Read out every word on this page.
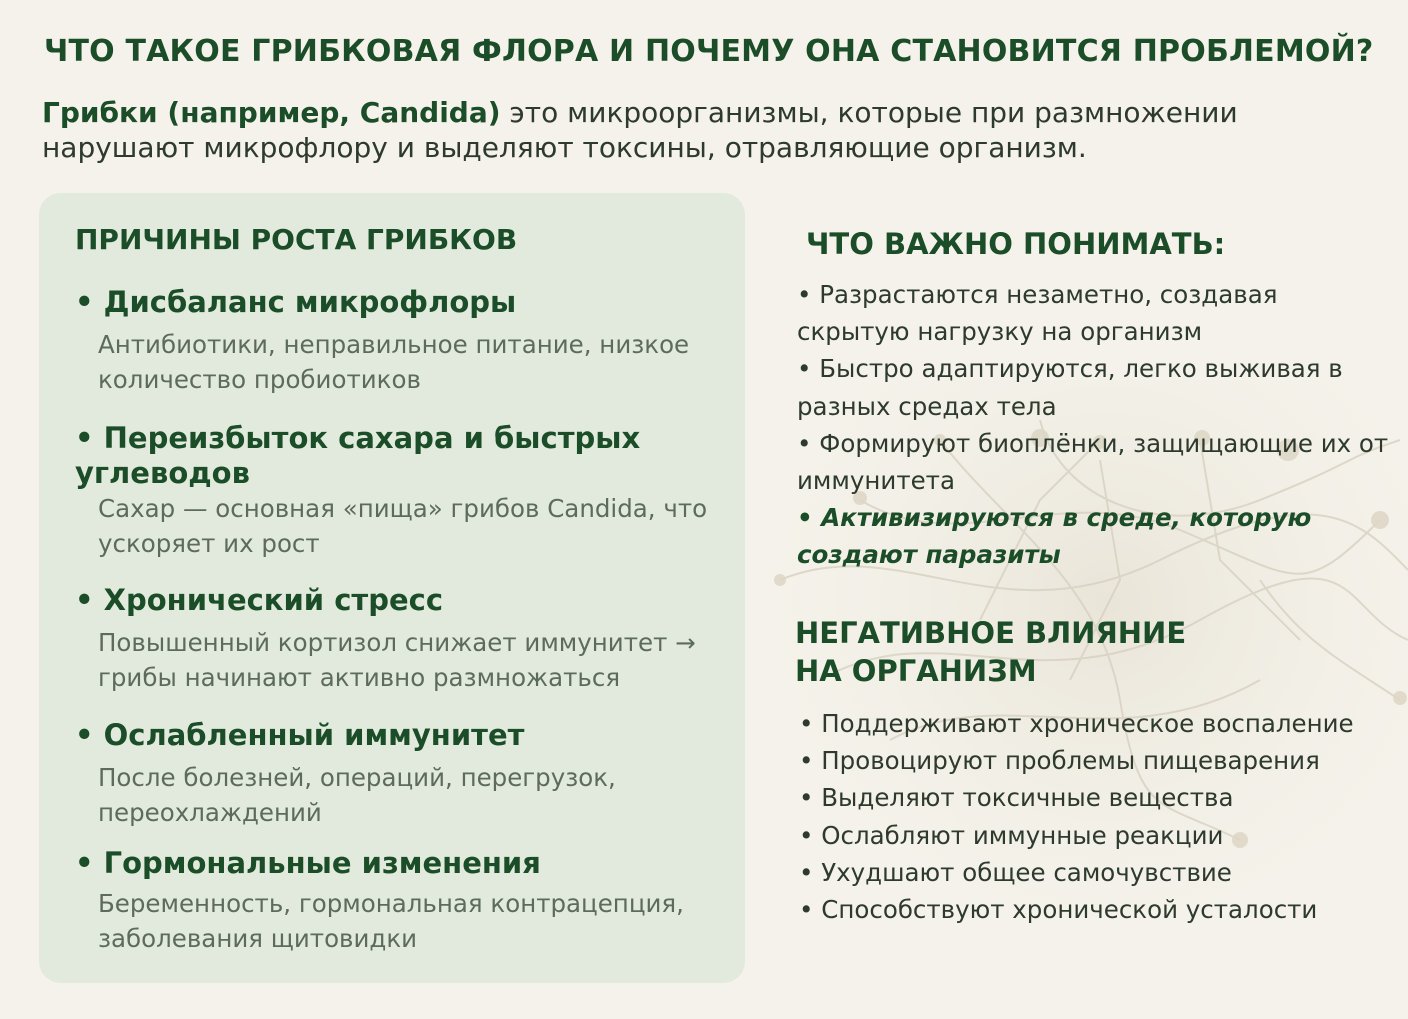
ЧТО ТАКОЕ ГРИБКОВАЯ ФЛОРА И ПОЧЕМУ ОНА СТАНОВИТСЯ ПРОБЛЕМОЙ?

Грибки (например, Candida) это микроорганизмы, которые при размножении нарушают микрофлору и выделяют токсины, отравляющие организм.

ПРИЧИНЫ РОСТА ГРИБКОВ
• Дисбаланс микрофлоры
Антибиотики, неправильное питание, низкое количество пробиотиков
• Переизбыток сахара и быстрых углеводов
Сахар — основная «пища» грибов Candida, что ускоряет их рост
• Хронический стресс
Повышенный кортизол снижает иммунитет → грибы начинают активно размножаться
• Ослабленный иммунитет
После болезней, операций, перегрузок, переохлаждений
• Гормональные изменения
Беременность, гормональная контрацепция, заболевания щитовидки
ЧТО ВАЖНО ПОНИМАТЬ:
• Разрастаются незаметно, создавая скрытую нагрузку на организм
• Быстро адаптируются, легко выживая в разных средах тела
• Формируют биоплёнки, защищающие их от иммунитета
• Активизируются в среде, которую создают паразиты
НЕГАТИВНОЕ ВЛИЯНИЕ
НА ОРГАНИЗМ
• Поддерживают хроническое воспаление
• Провоцируют проблемы пищеварения
• Выделяют токсичные вещества
• Ослабляют иммунные реакции
• Ухудшают общее самочувствие
• Способствуют хронической усталости
